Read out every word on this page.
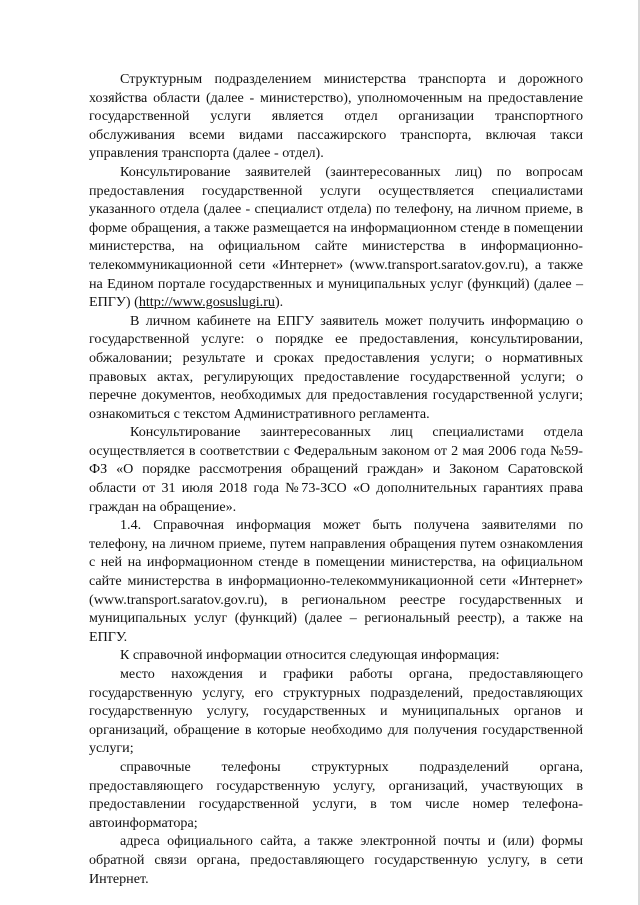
Структурным подразделением министерства транспорта и дорожного хозяйства области (далее - министерство), уполномоченным на предоставление государственной услуги является отдел организации транспортного обслуживания всеми видами пассажирского транспорта, включая такси управления транспорта (далее - отдел).

Консультирование заявителей (заинтересованных лиц) по вопросам предоставления государственной услуги осуществляется специалистами указанного отдела (далее - специалист отдела) по телефону, на личном приеме, в форме обращения, а также размещается на информационном стенде в помещении министерства, на официальном сайте министерства в информационно-телекоммуникационной сети «Интернет» (www.transport.saratov.gov.ru), а также на Едином портале государственных и муниципальных услуг (функций) (далее – ЕПГУ) (http://www.gosuslugi.ru).

В личном кабинете на ЕПГУ заявитель может получить информацию о государственной услуге: о порядке ее предоставления, консультировании, обжаловании; результате и сроках предоставления услуги; о нормативных правовых актах, регулирующих предоставление государственной услуги; о перечне документов, необходимых для предоставления государственной услуги; ознакомиться с текстом Административного регламента.

Консультирование заинтересованных лиц специалистами отдела осуществляется в соответствии с Федеральным законом от 2 мая 2006 года №59-ФЗ «О порядке рассмотрения обращений граждан» и Законом Саратовской области от 31 июля 2018 года №73-ЗСО «О дополнительных гарантиях права граждан на обращение».

1.4. Справочная информация может быть получена заявителями по телефону, на личном приеме, путем направления обращения путем ознакомления с ней на информационном стенде в помещении министерства, на официальном сайте министерства в информационно-телекоммуникационной сети «Интернет» (www.transport.saratov.gov.ru), в региональном реестре государственных и муниципальных услуг (функций) (далее – региональный реестр), а также на ЕПГУ.

К справочной информации относится следующая информация:

место нахождения и графики работы органа, предоставляющего государственную услугу, его структурных подразделений, предоставляющих государственную услугу, государственных и муниципальных органов и организаций, обращение в которые необходимо для получения государственной услуги;

справочные телефоны структурных подразделений органа, предоставляющего государственную услугу, организаций, участвующих в предоставлении государственной услуги, в том числе номер телефона-автоинформатора;

адреса официального сайта, а также электронной почты и (или) формы обратной связи органа, предоставляющего государственную услугу, в сети Интернет.
